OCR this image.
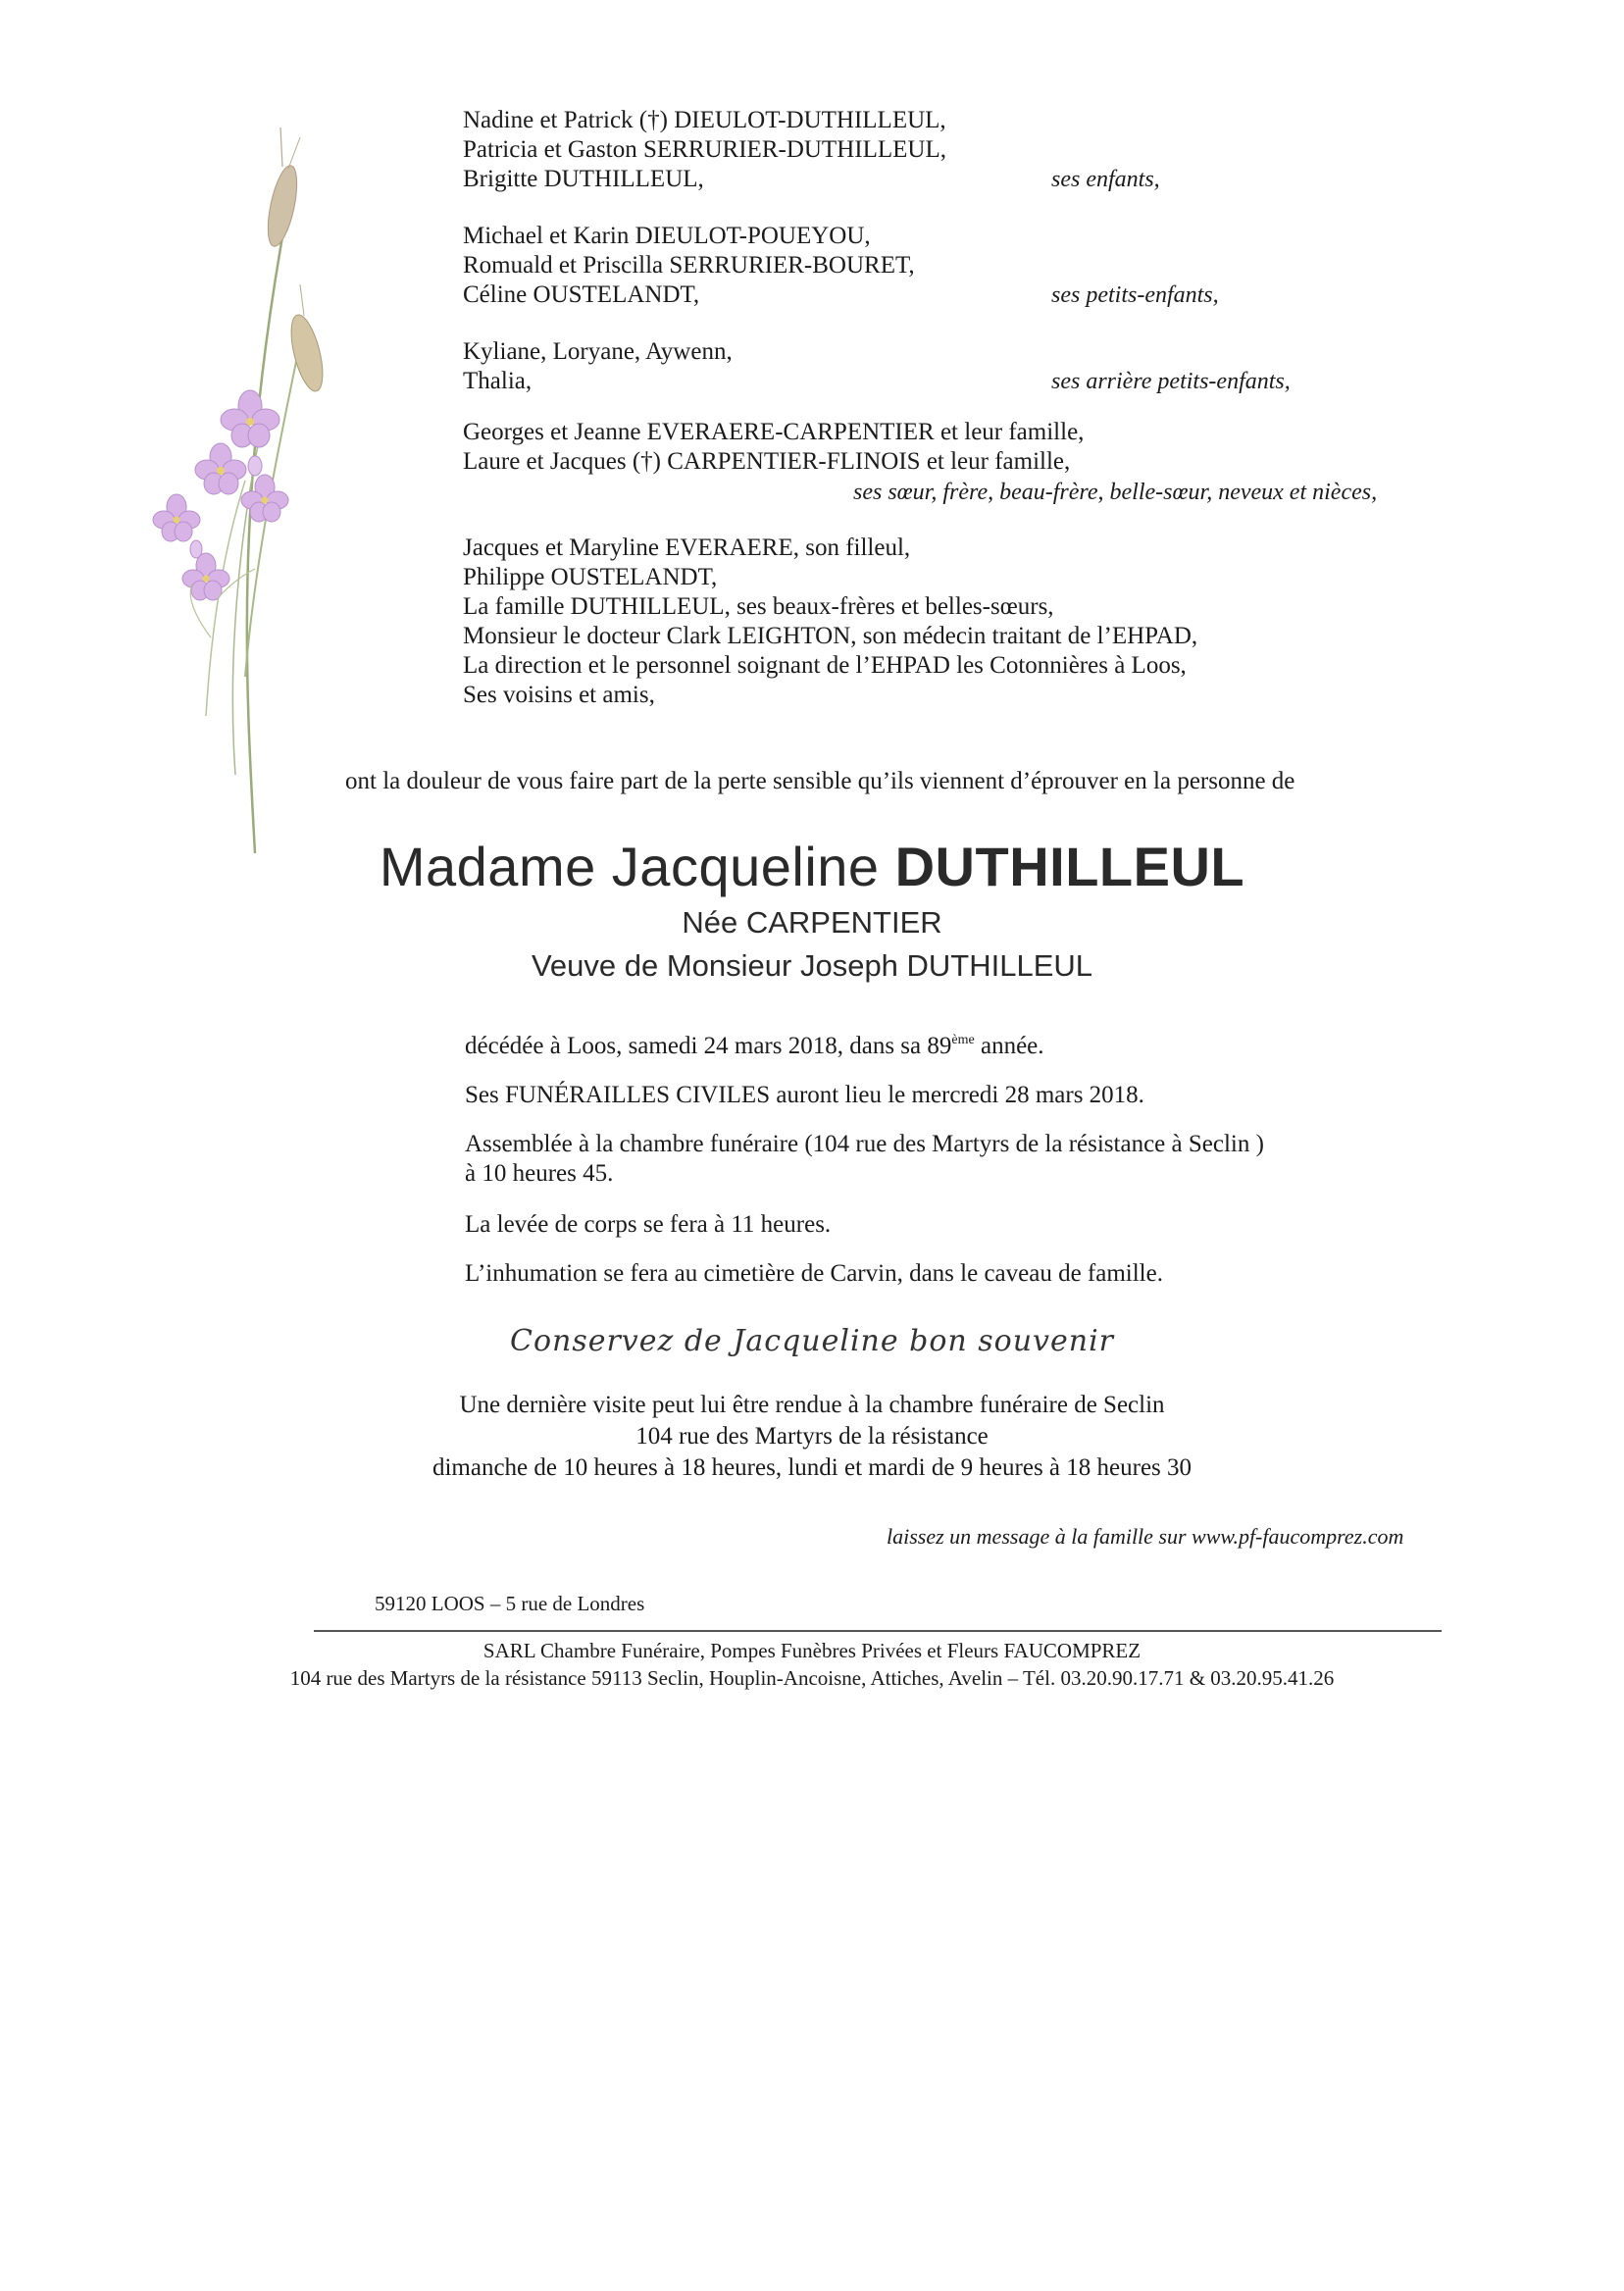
Nadine et Patrick (†) DIEULOT-DUTHILLEUL,
Patricia et Gaston SERRURIER-DUTHILLEUL,
Brigitte DUTHILLEUL,	ses enfants,
Michael et Karin DIEULOT-POUEYOU,
Romuald et Priscilla SERRURIER-BOURET,
Céline OUSTELANDT,	ses petits-enfants,
Kyliane, Loryane, Aywenn,
Thalia,	ses arrière petits-enfants,
Georges et Jeanne EVERAERE-CARPENTIER et leur famille,
Laure et Jacques (†) CARPENTIER-FLINOIS et leur famille,
ses sœur, frère, beau-frère, belle-sœur, neveux et nièces,
Jacques et Maryline EVERAERE, son filleul,
Philippe OUSTELANDT,
La famille DUTHILLEUL, ses beaux-frères et belles-sœurs,
Monsieur le docteur Clark LEIGHTON, son médecin traitant de l’EHPAD,
La direction et le personnel soignant de l’EHPAD les Cotonnières à Loos,
Ses voisins et amis,
ont la douleur de vous faire part de la perte sensible qu’ils viennent d’éprouver en la personne de
Madame Jacqueline DUTHILLEUL
Née CARPENTIER
Veuve de Monsieur Joseph DUTHILLEUL
décédée à Loos, samedi 24 mars 2018, dans sa 89ème année.
Ses FUNÉRAILLES CIVILES auront lieu le mercredi 28 mars 2018.
Assemblée à la chambre funéraire (104 rue des Martyrs de la résistance à Seclin )
à 10 heures 45.
La levée de corps se fera à 11 heures.
L’inhumation se fera au cimetière de Carvin, dans le caveau de famille.
Conservez de Jacqueline bon souvenir
Une dernière visite peut lui être rendue à la chambre funéraire de Seclin
104 rue des Martyrs de la résistance
dimanche de 10 heures à 18 heures, lundi et mardi de 9 heures à 18 heures 30
laissez un message à la famille sur www.pf-faucomprez.com
59120 LOOS – 5 rue de Londres
SARL Chambre Funéraire, Pompes Funèbres Privées et Fleurs FAUCOMPREZ
104 rue des Martyrs de la résistance 59113 Seclin, Houplin-Ancoisne, Attiches, Avelin – Tél. 03.20.90.17.71 & 03.20.95.41.26
